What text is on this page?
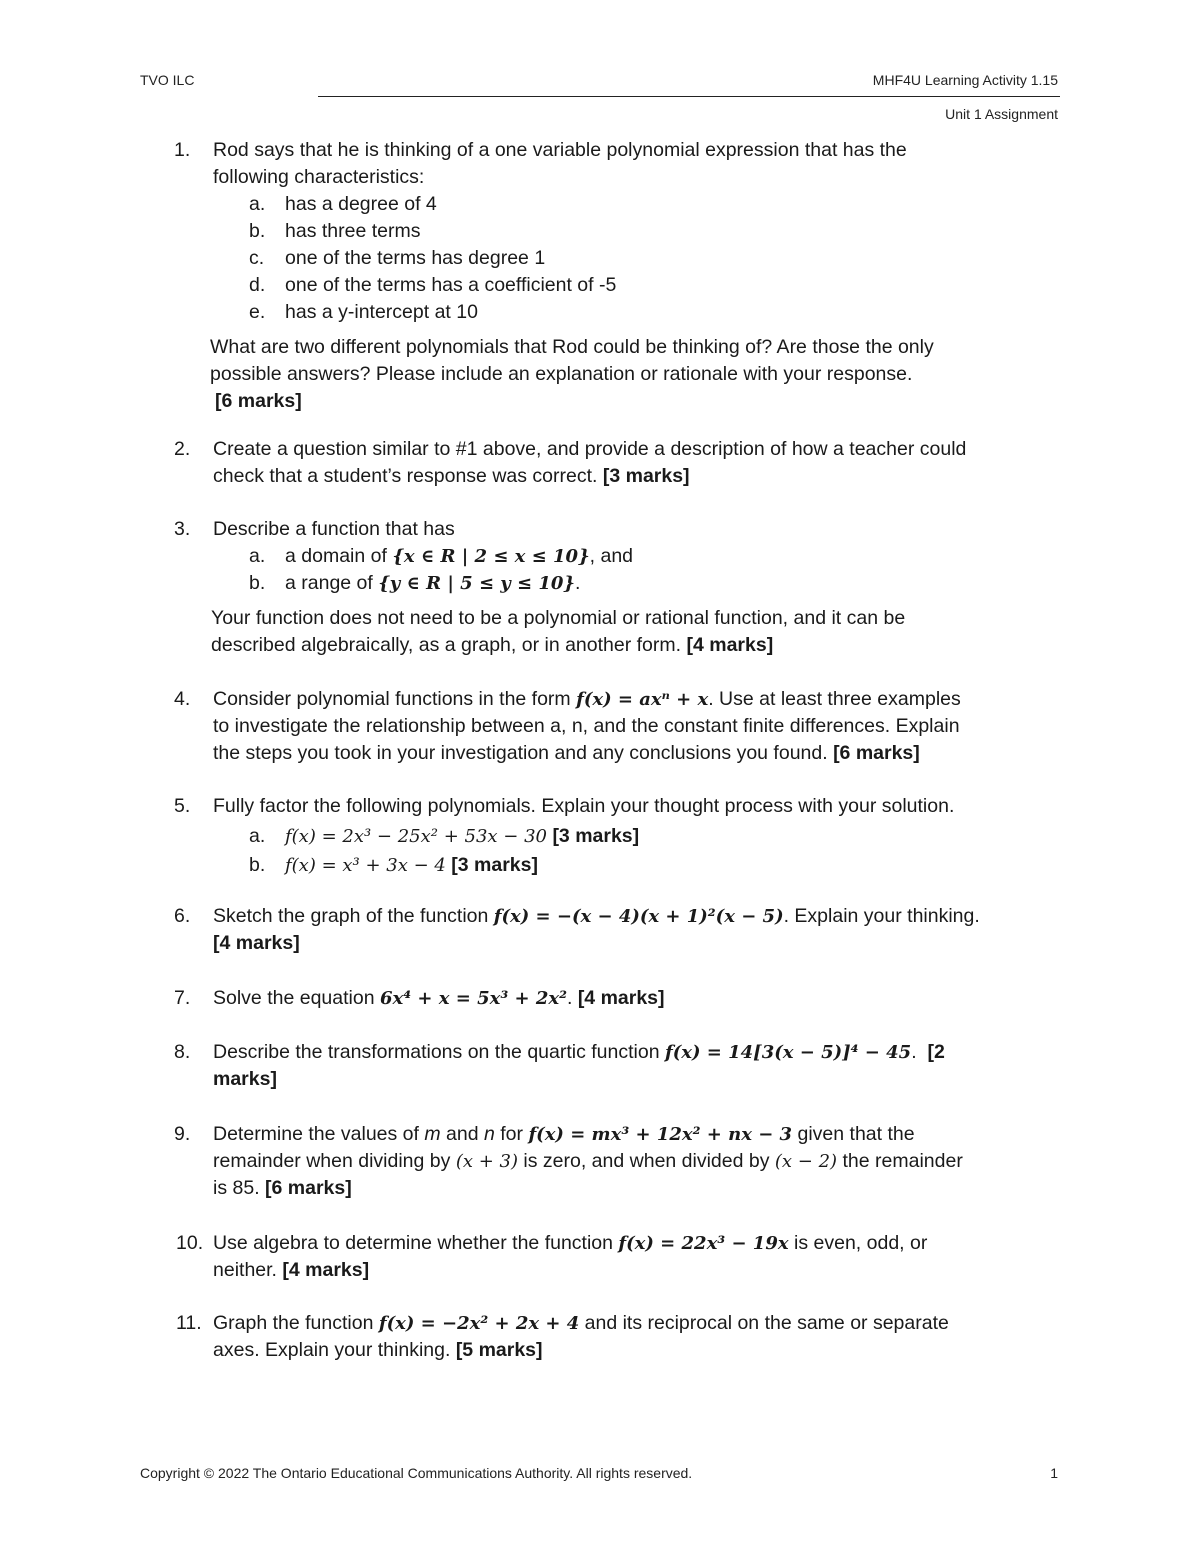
TVO ILC	MHF4U Learning Activity 1.15
Unit 1 Assignment
1.	Rod says that he is thinking of a one variable polynomial expression that has the
following characteristics:
a. has a degree of 4
b. has three terms
c. one of the terms has degree 1
d. one of the terms has a coefficient of -5
e. has a y-intercept at 10
What are two different polynomials that Rod could be thinking of? Are those the only
possible answers? Please include an explanation or rationale with your response.
[6 marks]
2.	Create a question similar to #1 above, and provide a description of how a teacher could
check that a student’s response was correct. [3 marks]
3.	Describe a function that has
a. a domain of {x ∈ R | 2 ≤ x ≤ 10}, and
b. a range of {y ∈ R | 5 ≤ y ≤ 10}.
Your function does not need to be a polynomial or rational function, and it can be
described algebraically, as a graph, or in another form. [4 marks]
4.	Consider polynomial functions in the form f(x) = axⁿ + x. Use at least three examples
to investigate the relationship between a, n, and the constant finite differences. Explain
the steps you took in your investigation and any conclusions you found. [6 marks]
5.	Fully factor the following polynomials. Explain your thought process with your solution.
a. f(x) = 2x³ − 25x² + 53x − 30 [3 marks]
b. f(x) = x³ + 3x − 4 [3 marks]
6.	Sketch the graph of the function f(x) = −(x − 4)(x + 1)²(x − 5). Explain your thinking.
[4 marks]
7.	Solve the equation 6x⁴ + x = 5x³ + 2x². [4 marks]
8.	Describe the transformations on the quartic function f(x) = 14[3(x − 5)]⁴ − 45. [2
marks]
9.	Determine the values of m and n for f(x) = mx³ + 12x² + nx − 3 given that the
remainder when dividing by (x + 3) is zero, and when divided by (x − 2) the remainder
is 85. [6 marks]
10. Use algebra to determine whether the function f(x) = 22x³ − 19x is even, odd, or
neither. [4 marks]
11. Graph the function f(x) = −2x² + 2x + 4 and its reciprocal on the same or separate
axes. Explain your thinking. [5 marks]
Copyright © 2022 The Ontario Educational Communications Authority. All rights reserved.	1
